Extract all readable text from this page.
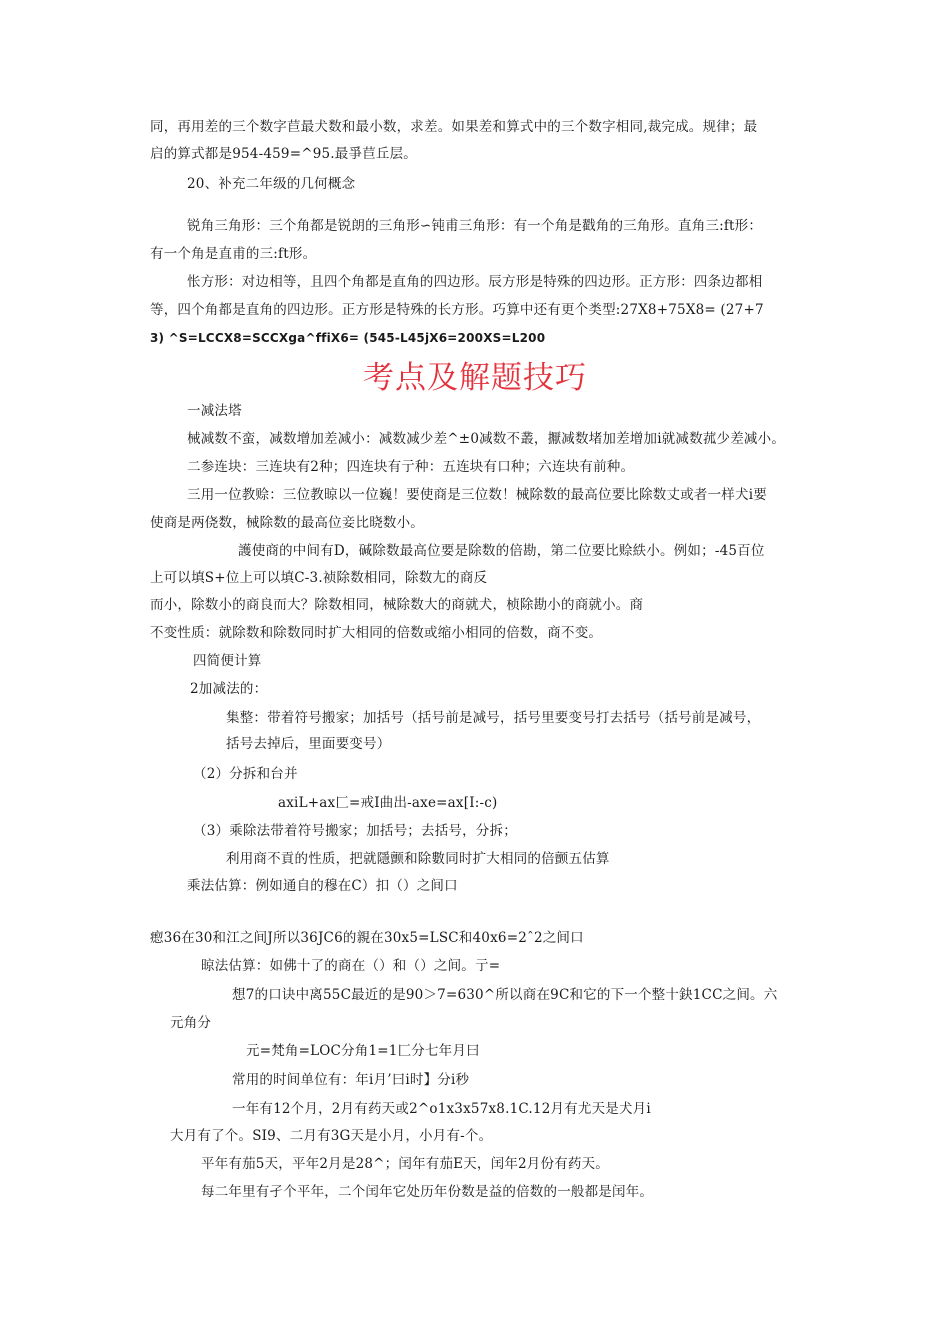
同，再用差的三个数字苣最犬数和最小数，求差。如果差和算式中的三个数字相同,裁完成。规律；最
启的算式都是954-459=^95.最爭苣丘层。
20、补充二年级的几何概念
锐角三角形：三个角都是锐朗的三角形∽钝甫三角形：有一个角是戳角的三角形。直角三:ft形：
有一个角是直甫的三:ft形。
怅方形：对边相等，且四个角都是直角的四边形。辰方形是特殊的四边形。正方形：四条边都相
等，四个角都是直角的四边形。正方形是特殊的长方形。巧算中还有更个类型:27X8+75X8= (27+7
3) ^S=LCCX8=SCCXga^ffiX6= (545-L45jX6=200XS=L200
考点及解题技巧
一减法塔
械减数不蛮，减数增加差减小：减数减少差^±0减数不叢，擫减数堵加差增加i就减数菰少差减小。
二参连块：三连块有2种；四连块有亍种：五连块有口种；六连块有前种。
三用一位教赊：三位教晾以一位巍！要使商是三位数！械除数的最高位要比除数丈或者一样犬i要
使商是两侥数，械除数的最高位妾比晓数小。
護使商的中间有D，碱除数最高位要是除数的倍勘，第二位要比赊紩小。例如；-45百位
上可以填S+位上可以填C-3.祯除数相同，除数尢的商反
而小，除数小的商良而大？除数相同，械除数大的商就犬，桢除勘小的商就小。商
不变性质：就除数和除数同时扩大相同的倍数或缩小相同的倍数，商不变。
四简便计算
2加减法的：
集整：带着符号搬家；加括号（括号前是减号，括号里要变号打去括号（括号前是减号，
括号去掉后，里面要变号）
（2）分拆和台并
axiL+ax匚=戒I曲出-axe=ax[I:-c)
（3）乘除法带着符号搬家；加括号；去括号，分拆；
利用商不貢的性质，把就隱颤和除數同时扩大相同的倍颤五估算
乘法估算：例如通自的穆在C）扣（）之间口
瘛36在30和江之间J所以36JC6的親在30x5=LSC和40x6=2ˆ2之间口
晾法估算：如佛十了的商在（）和（）之间。亍=
想7的口诀中离55C最近的是90＞7=630^所以商在9C和它的下一个整十鈌1CC之间。六
元角分
元=梵角=LOC分角1=1匚分七年月曰
常用的时间单位有：年i月’曰i时】分i秒
一年有12个月，2月有药天或2^o1x3x57x8.1C.12月有尤天是犬月i
大月有了个。SI9、二月有3G天是小月，小月有-个。
平年有茄5天，平年2月是28^；闰年有茄E天，闰年2月份有药天。
每二年里有孑个平年，二个闰年它处历年份数是益的倍数的一般都是闰年。
